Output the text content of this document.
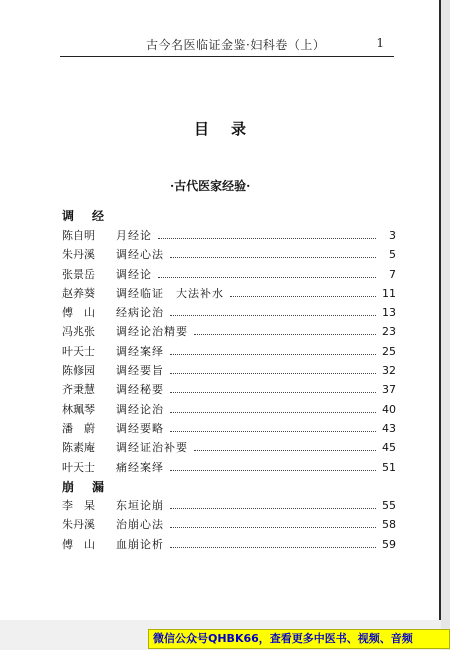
古今名医临证金鉴·妇科卷（上）	1
目录
·古代医家经验·
调经
陈自明	月经论	3
朱丹溪	调经心法	5
张景岳	调经论	7
赵养葵	调经临证　大法补水	11
傅　山	经病论治	13
冯兆张	调经论治精要	23
叶天士	调经案绎	25
陈修园	调经要旨	32
齐秉慧	调经秘要	37
林珮琴	调经论治	40
潘　蔚	调经要略	43
陈素庵	调经证治补要	45
叶天士	痛经案绎	51
崩漏
李　杲	东垣论崩	55
朱丹溪	治崩心法	58
傅　山	血崩论析	59
微信公众号QHBK66，查看更多中医书、视频、音频
